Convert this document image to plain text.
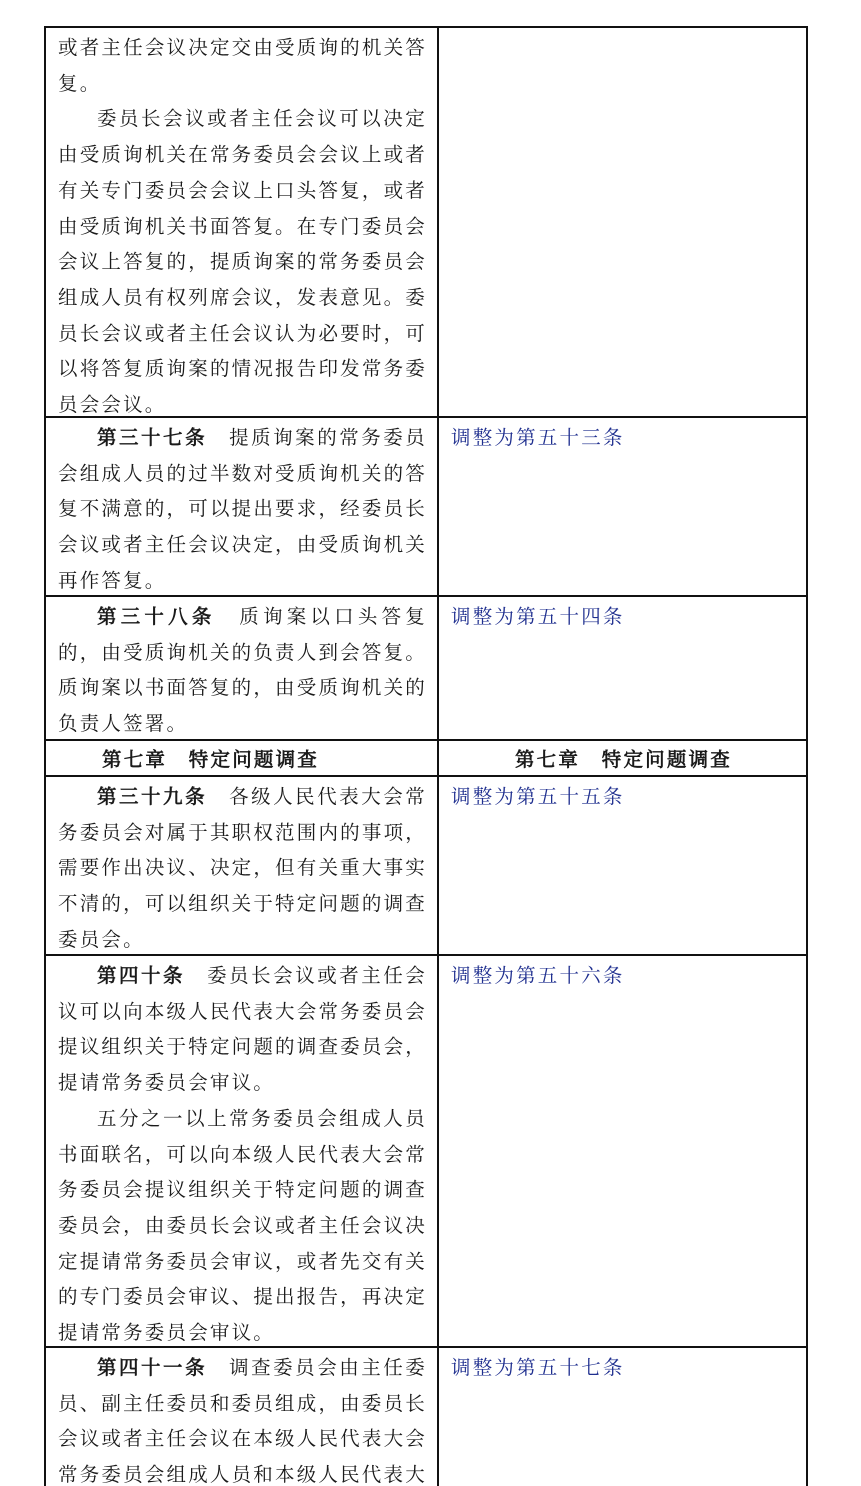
或者主任会议决定交由受质询的机关答复。

委员长会议或者主任会议可以决定由受质询机关在常务委员会会议上或者有关专门委员会会议上口头答复，或者由受质询机关书面答复。在专门委员会会议上答复的，提质询案的常务委员会组成人员有权列席会议，发表意见。委员长会议或者主任会议认为必要时，可以将答复质询案的情况报告印发常务委员会会议。

第三十七条　提质询案的常务委员会组成人员的过半数对受质询机关的答复不满意的，可以提出要求，经委员长会议或者主任会议决定，由受质询机关再作答复。

调整为第五十三条

第三十八条　质询案以口头答复的，由受质询机关的负责人到会答复。质询案以书面答复的，由受质询机关的负责人签署。

调整为第五十四条
第七章　特定问题调查	第七章　特定问题调查

第三十九条　各级人民代表大会常务委员会对属于其职权范围内的事项，需要作出决议、决定，但有关重大事实不清的，可以组织关于特定问题的调查委员会。

调整为第五十五条

第四十条　委员长会议或者主任会议可以向本级人民代表大会常务委员会提议组织关于特定问题的调查委员会，提请常务委员会审议。

五分之一以上常务委员会组成人员书面联名，可以向本级人民代表大会常务委员会提议组织关于特定问题的调查委员会，由委员长会议或者主任会议决定提请常务委员会审议，或者先交有关的专门委员会审议、提出报告，再决定提请常务委员会审议。

调整为第五十六条

第四十一条　调查委员会由主任委员、副主任委员和委员组成，由委员长会议或者主任会议在本级人民代表大会常务委员会组成人员和本级人民代表大

调整为第五十七条
